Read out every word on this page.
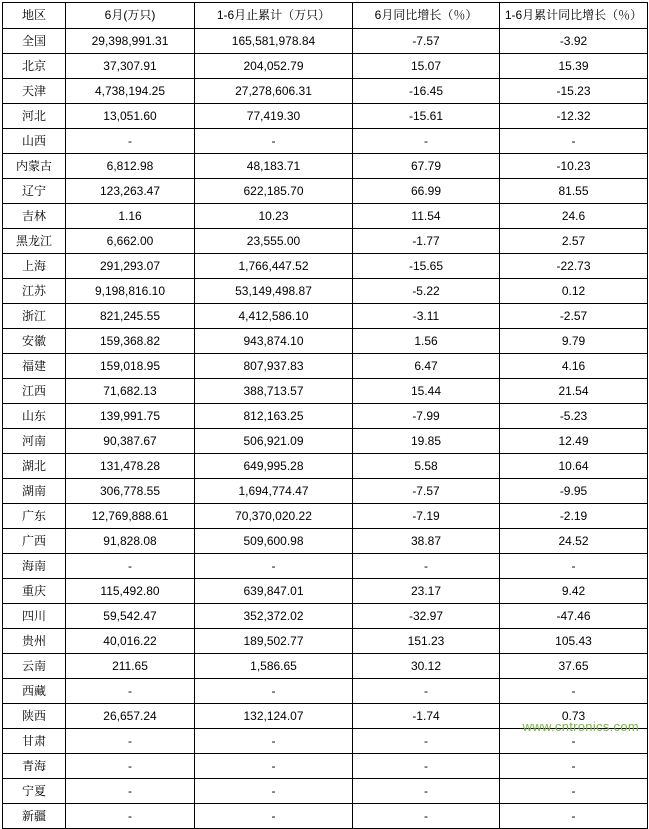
地区	6月(万只)	1-6月止累计（万只）	6月同比增长（％）	1-6月累计同比增长（％）
全国	29,398,991.31	165,581,978.84	-7.57	-3.92
北京	37,307.91	204,052.79	15.07	15.39
天津	4,738,194.25	27,278,606.31	-16.45	-15.23
河北	13,051.60	77,419.30	-15.61	-12.32
山西	-	-	-	-
内蒙古	6,812.98	48,183.71	67.79	-10.23
辽宁	123,263.47	622,185.70	66.99	81.55
吉林	1.16	10.23	11.54	24.6
黑龙江	6,662.00	23,555.00	-1.77	2.57
上海	291,293.07	1,766,447.52	-15.65	-22.73
江苏	9,198,816.10	53,149,498.87	-5.22	0.12
浙江	821,245.55	4,412,586.10	-3.11	-2.57
安徽	159,368.82	943,874.10	1.56	9.79
福建	159,018.95	807,937.83	6.47	4.16
江西	71,682.13	388,713.57	15.44	21.54
山东	139,991.75	812,163.25	-7.99	-5.23
河南	90,387.67	506,921.09	19.85	12.49
湖北	131,478.28	649,995.28	5.58	10.64
湖南	306,778.55	1,694,774.47	-7.57	-9.95
广东	12,769,888.61	70,370,020.22	-7.19	-2.19
广西	91,828.08	509,600.98	38.87	24.52
海南	-	-	-	-
重庆	115,492.80	639,847.01	23.17	9.42
四川	59,542.47	352,372.02	-32.97	-47.46
贵州	40,016.22	189,502.77	151.23	105.43
云南	211.65	1,586.65	30.12	37.65
西藏	-	-	-	-
陕西	26,657.24	132,124.07	-1.74	0.73
甘肃	-	-	-	-
青海	-	-	-	-
宁夏	-	-	-	-
新疆	-	-	-	-
www.cntronics.com
